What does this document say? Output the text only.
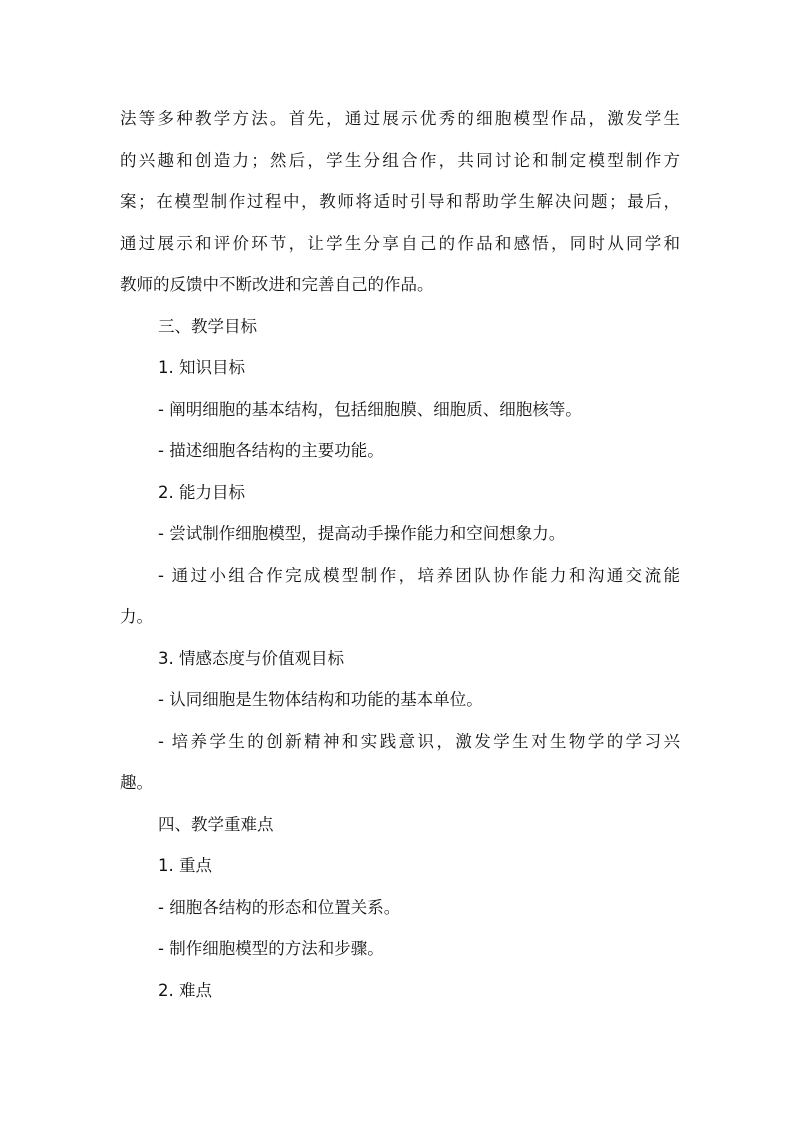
法等多种教学方法。首先，通过展示优秀的细胞模型作品，激发学生
的兴趣和创造力；然后，学生分组合作，共同讨论和制定模型制作方
案；在模型制作过程中，教师将适时引导和帮助学生解决问题；最后，
通过展示和评价环节，让学生分享自己的作品和感悟，同时从同学和
教师的反馈中不断改进和完善自己的作品。
三、教学目标
1. 知识目标
- 阐明细胞的基本结构，包括细胞膜、细胞质、细胞核等。
- 描述细胞各结构的主要功能。
2. 能力目标
- 尝试制作细胞模型，提高动手操作能力和空间想象力。
- 通过小组合作完成模型制作，培养团队协作能力和沟通交流能
力。
3. 情感态度与价值观目标
- 认同细胞是生物体结构和功能的基本单位。
- 培养学生的创新精神和实践意识，激发学生对生物学的学习兴
趣。
四、教学重难点
1. 重点
- 细胞各结构的形态和位置关系。
- 制作细胞模型的方法和步骤。
2. 难点
